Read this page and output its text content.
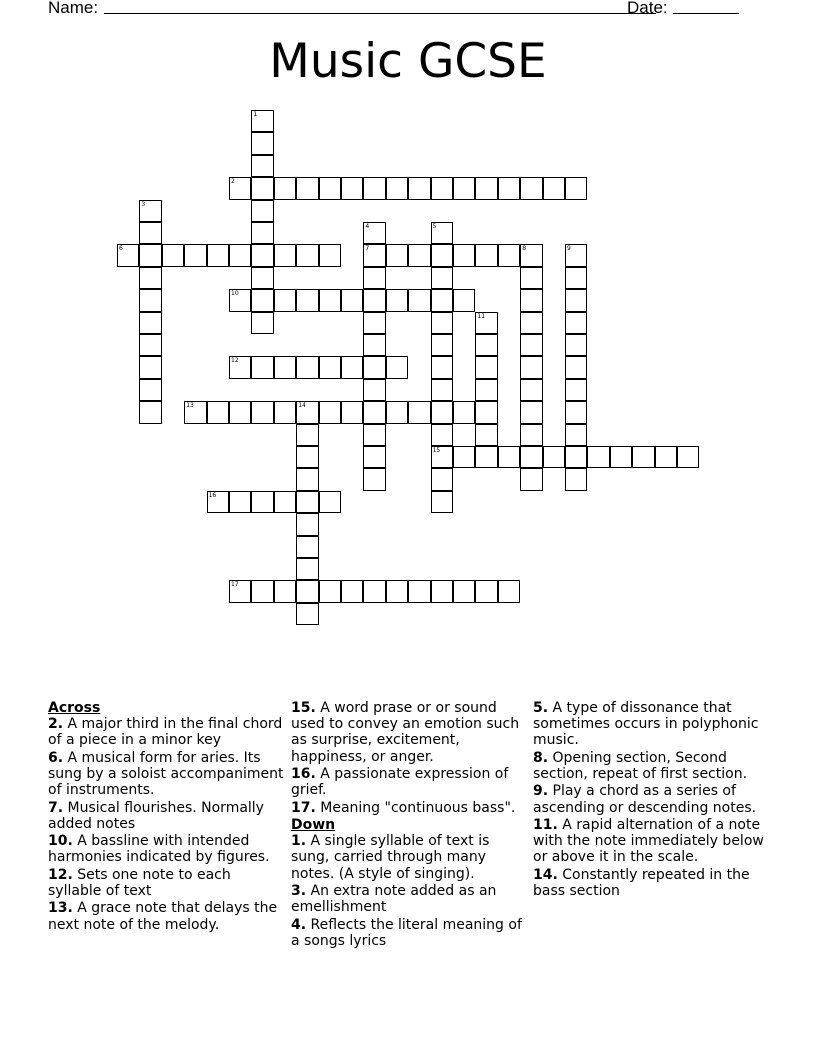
Name:	Date:
Music GCSE
1
2
3
4
7
5
15
6	8	9
10
11
12
13	14
16
17
Across
2. A major third in the final chord of a piece in a minor key
6. A musical form for aries. Its sung by a soloist accompaniment of instruments.
7. Musical flourishes. Normally added notes
10. A bassline with intended harmonies indicated by figures.
12. Sets one note to each syllable of text
13. A grace note that delays the next note of the melody.
15. A word prase or or sound used to convey an emotion such as surprise, excitement, happiness, or anger.
16. A passionate expression of grief.
17. Meaning "continuous bass".
Down
1. A single syllable of text is sung, carried through many notes. (A style of singing).
3. An extra note added as an emellishment
4. Reflects the literal meaning of a songs lyrics
5. A type of dissonance that sometimes occurs in polyphonic music.
8. Opening section, Second section, repeat of first section.
9. Play a chord as a series of ascending or descending notes.
11. A rapid alternation of a note with the note immediately below or above it in the scale.
14. Constantly repeated in the bass section
